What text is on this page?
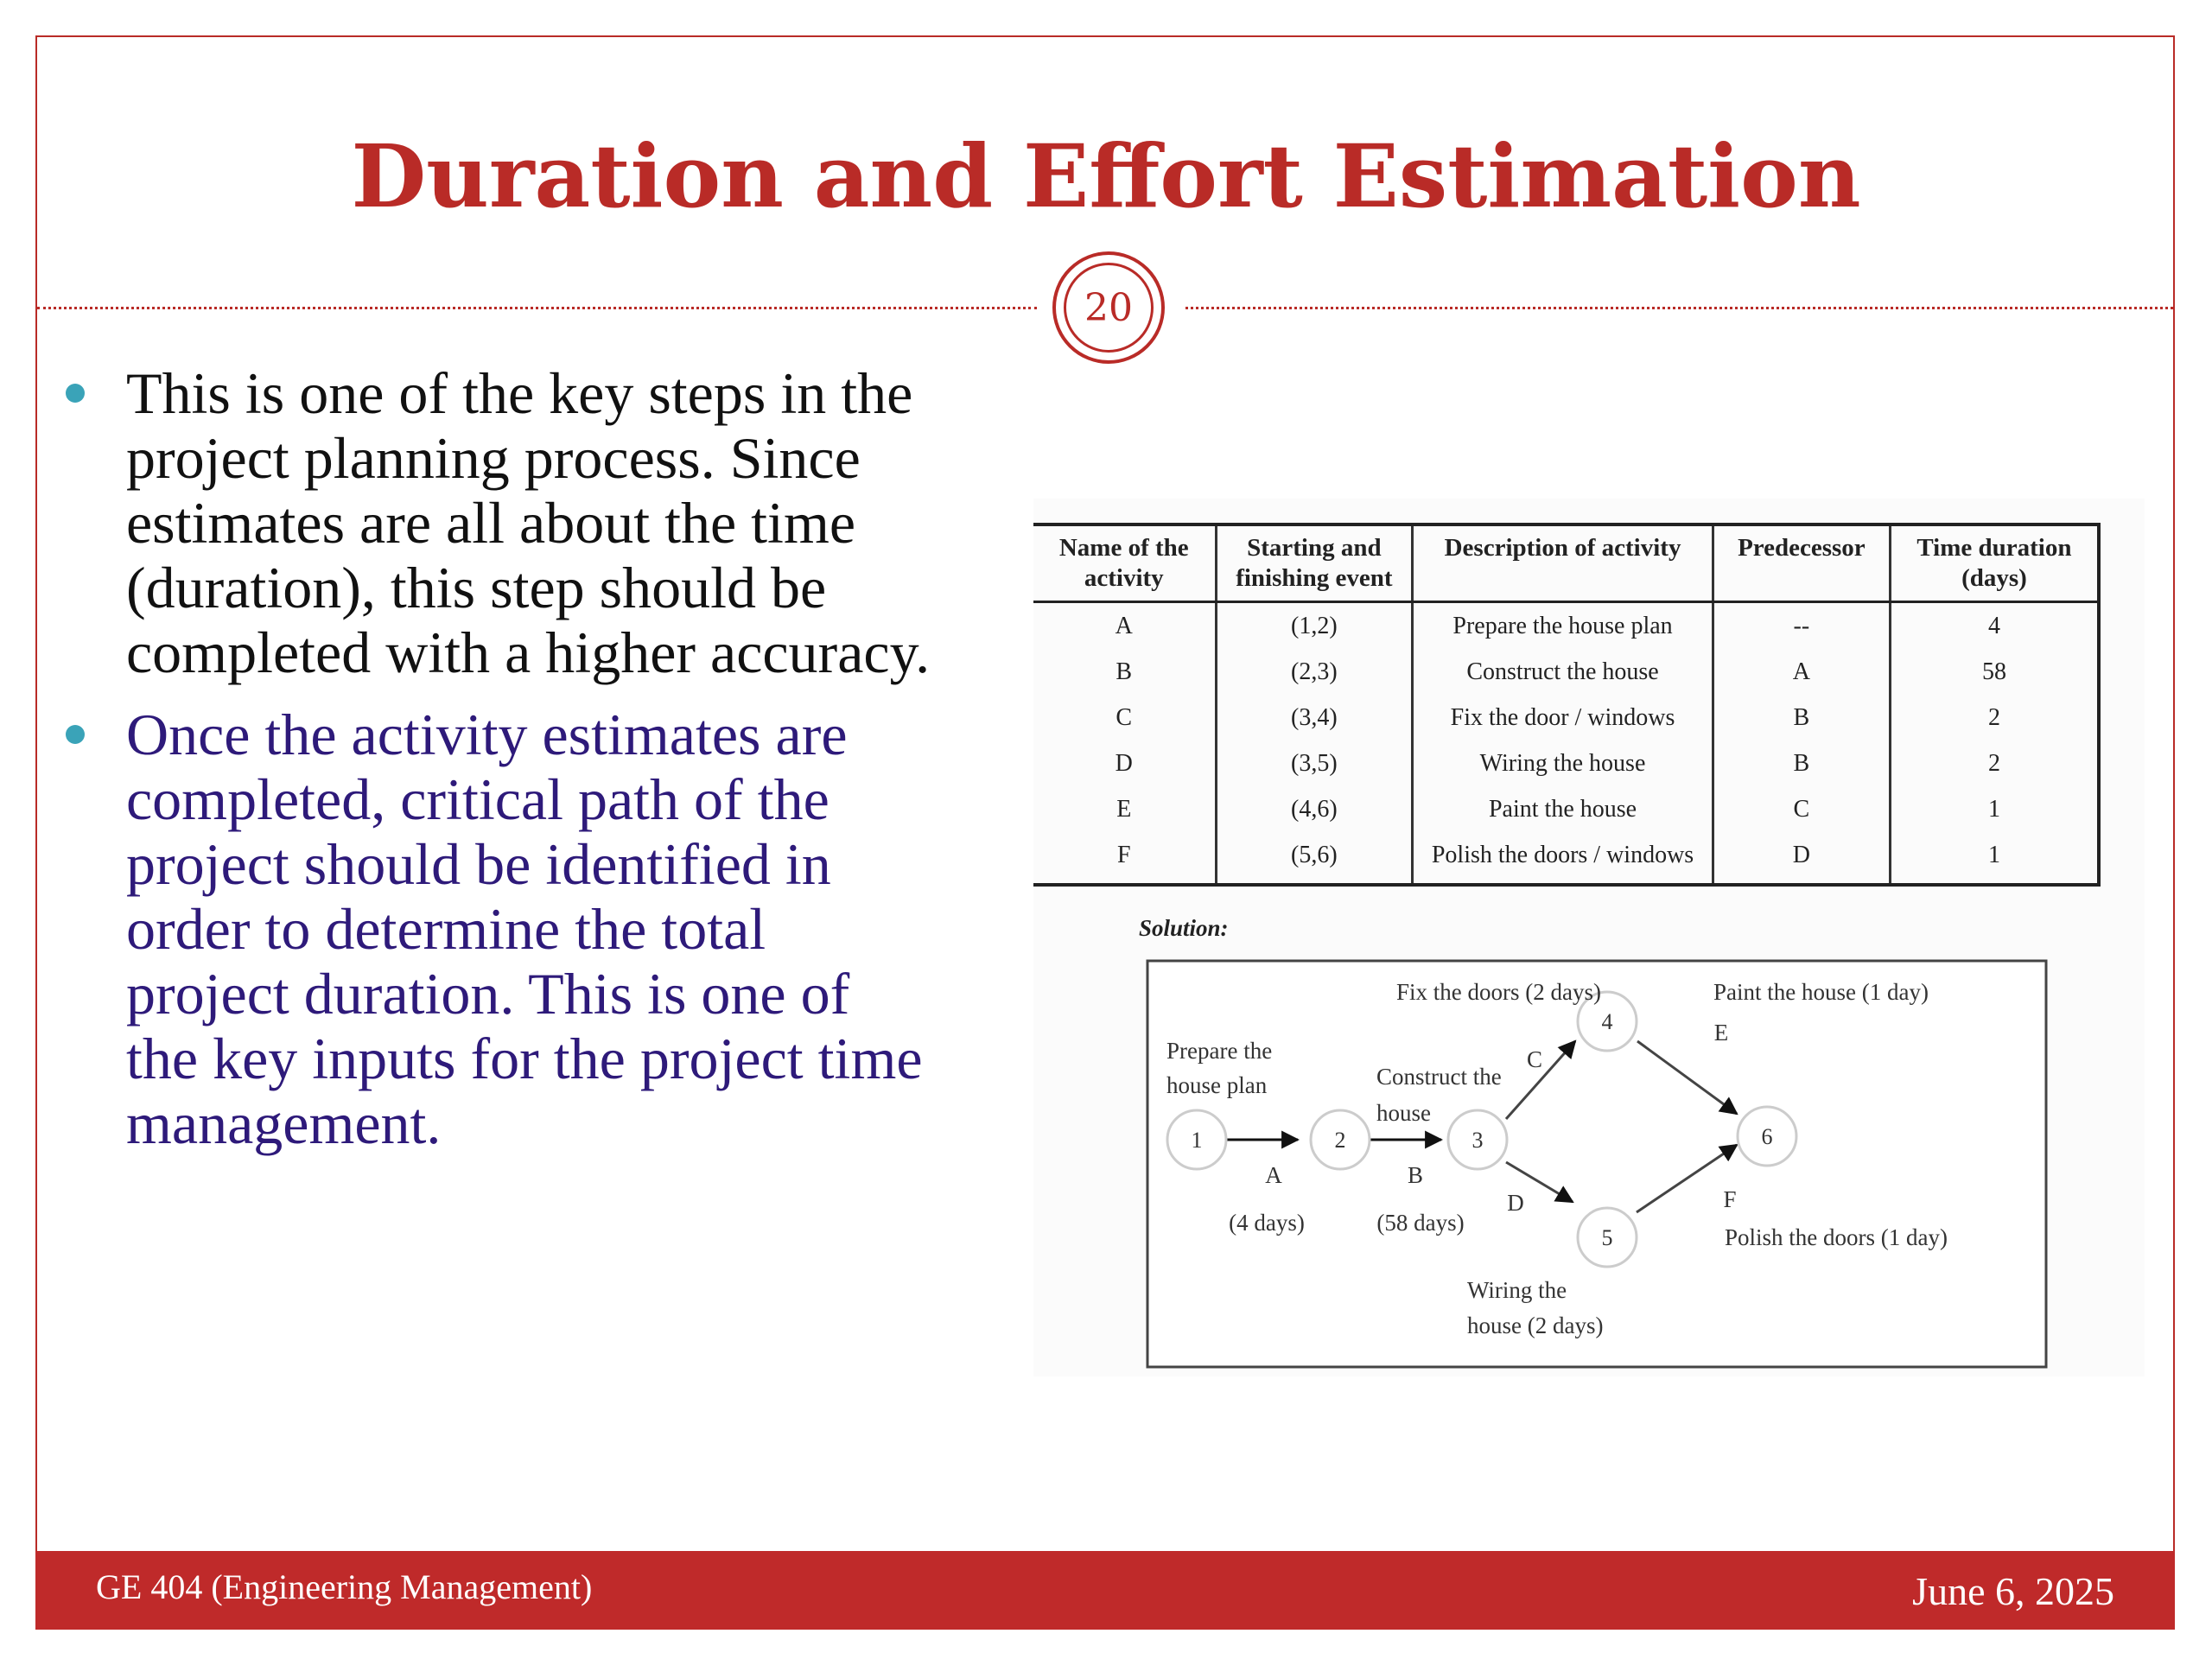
Duration and Effort Estimation
20
This is one of the key steps in the project planning process. Since estimates are all about the time (duration), this step should be completed with a higher accuracy.
Once the activity estimates are completed, critical path of the project should be identified in order to determine the total project duration. This is one of the key inputs for the project time management.
Name of the activity	Starting and finishing event	Description of activity	Predecessor	Time duration (days)
A	(1,2)	Prepare the house plan	--	4
B	(2,3)	Construct the house	A	58
C	(3,4)	Fix the door / windows	B	2
D	(3,5)	Wiring the house	B	2
E	(4,6)	Paint the house	C	1
F	(5,6)	Polish the doors / windows	D	1
Solution:
1	2	3
4
5
6
Prepare the
house plan	Construct the
house
Fix the doors (2 days)	Paint the house (1 day)
Wiring the
house (2 days)
Polish the doors (1 day)
A
(4 days)
B
(58 days)
C
D
E
F
GE 404 (Engineering Management)	June 6, 2025
